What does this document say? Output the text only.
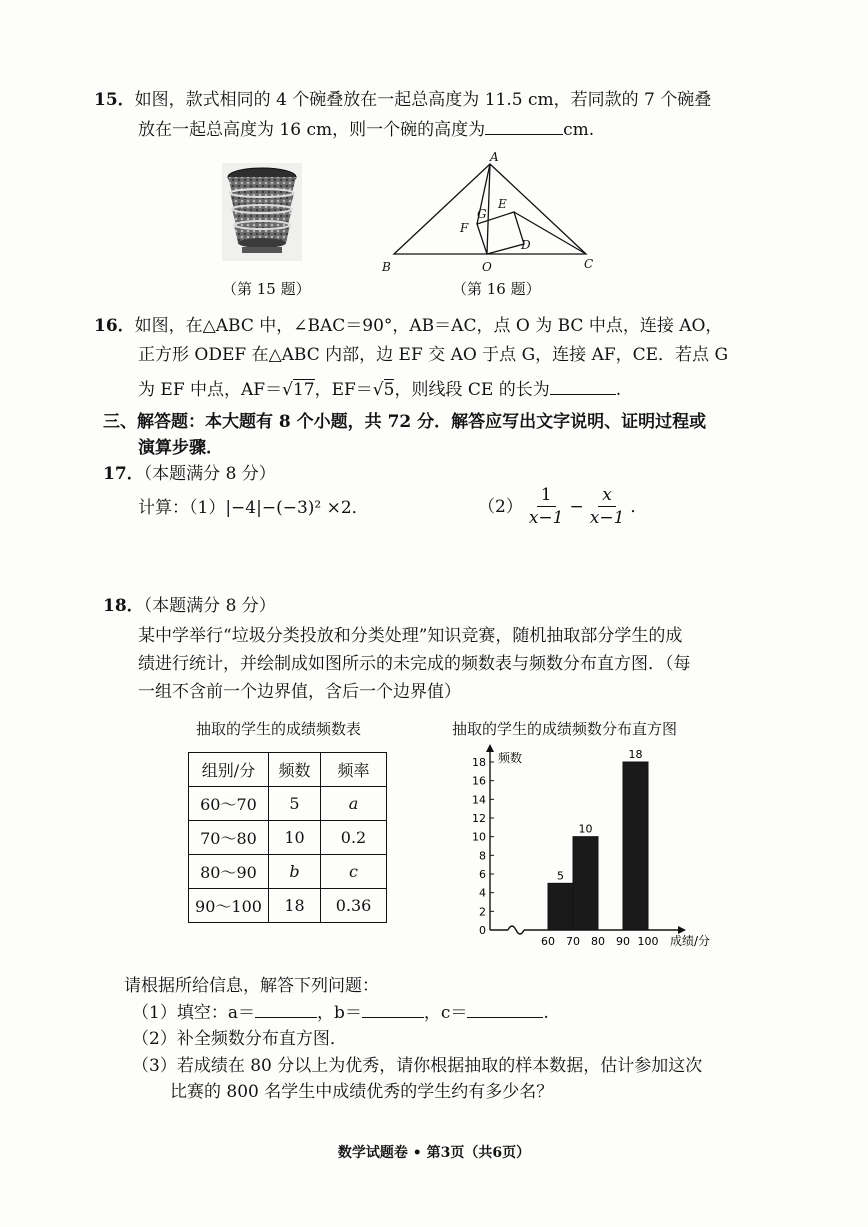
15．如图，款式相同的 4 个碗叠放在一起总高度为 11.5 cm，若同款的 7 个碗叠
放在一起总高度为 16 cm，则一个碗的高度为	cm.
（第 15 题）
A
B	C
O
D
E
F
G
（第 16 题）
16．如图，在△ABC 中，∠BAC＝90°，AB＝AC，点 O 为 BC 中点，连接 AO，
正方形 ODEF 在△ABC 内部，边 EF 交 AO 于点 G，连接 AF，CE．若点 G
为 EF 中点，AF＝√17，EF＝√5，则线段 CE 的长为	.
三、解答题：本大题有 8 个小题，共 72 分．解答应写出文字说明、证明过程或
演算步骤．
17．（本题满分 8 分）
计算：（1）|−4|−(−3)² ×2．	$(2) \frac{1}{x-1} - \frac{x}{x-1}$ ．
18．（本题满分 8 分）
某中学举行“垃圾分类投放和分类处理”知识竞赛，随机抽取部分学生的成
绩进行统计，并绘制成如图所示的未完成的频数表与频数分布直方图．（每
一组不含前一个边界值，含后一个边界值）
抽取的学生的成绩频数表
组别/分	频数	频率
60～70	5	a
70～80	10	0.2
80～90	b	c
90～100	18	0.36
抽取的学生的成绩频数分布直方图
频数
成绩/分
0
2
4
6
8
10
12
14
16
18
60 70 80 90 100
5
10
18
请根据所给信息，解答下列问题：
（1）填空：a＝	，b＝	，c＝	.
（2）补全频数分布直方图．
（3）若成绩在 80 分以上为优秀，请你根据抽取的样本数据，估计参加这次
比赛的 800 名学生中成绩优秀的学生约有多少名？
数学试题卷 • 第3页（共6页）
